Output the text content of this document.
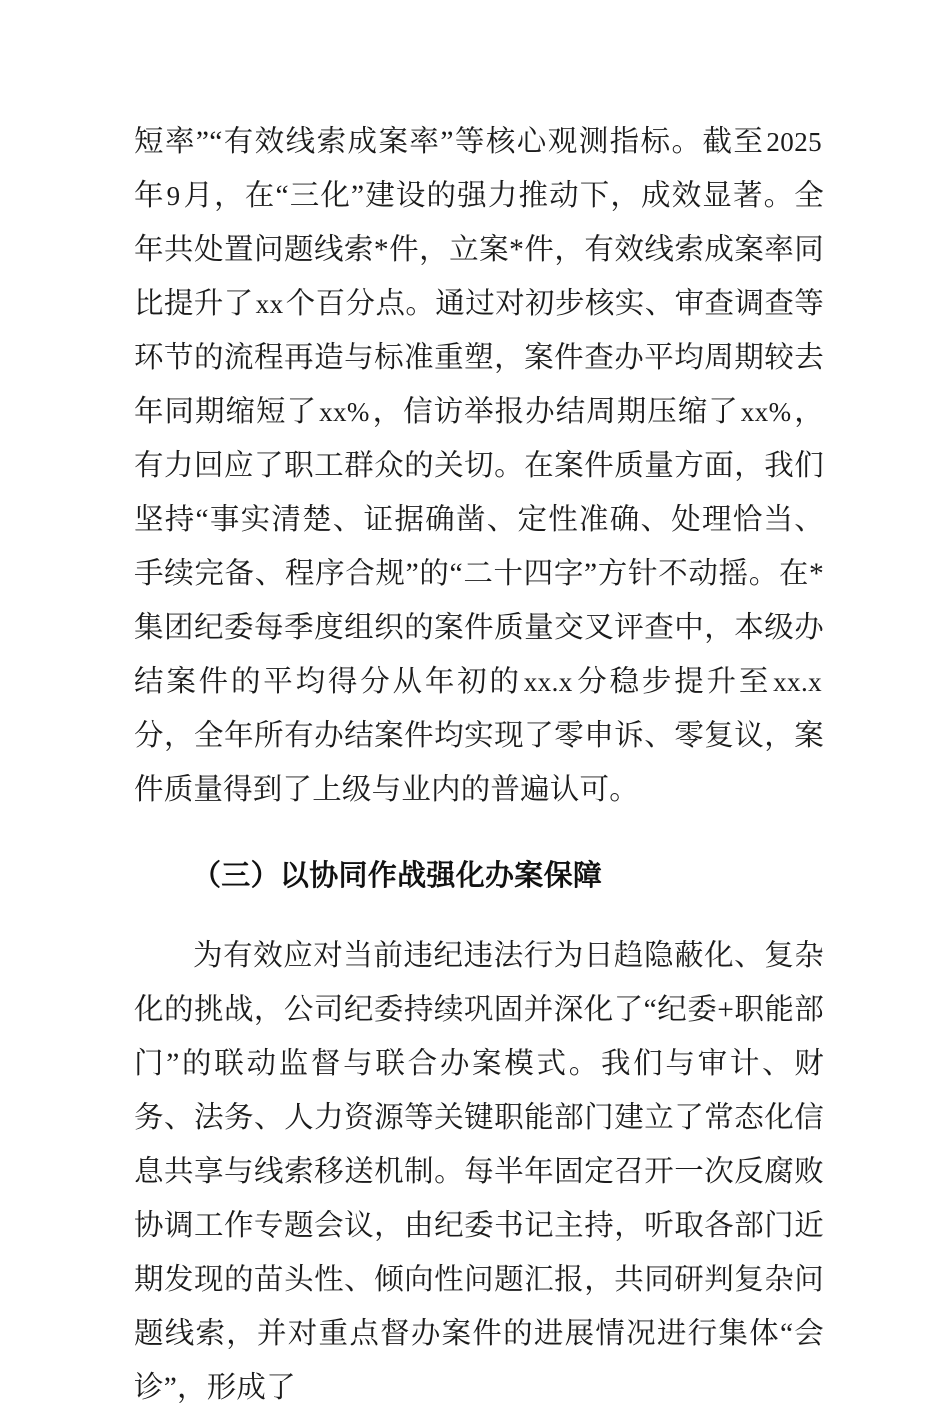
短率”“有效线索成案率”等核心观测指标。截至2025年9月，在“三化”建设的强力推动下，成效显著。全年共处置问题线索*件，立案*件，有效线索成案率同比提升了xx个百分点。通过对初步核实、审查调查等环节的流程再造与标准重塑，案件查办平均周期较去年同期缩短了xx%，信访举报办结周期压缩了xx%，有力回应了职工群众的关切。在案件质量方面，我们坚持“事实清楚、证据确凿、定性准确、处理恰当、手续完备、程序合规”的“二十四字”方针不动摇。在*集团纪委每季度组织的案件质量交叉评查中，本级办结案件的平均得分从年初的xx.x分稳步提升至xx.x分，全年所有办结案件均实现了零申诉、零复议，案件质量得到了上级与业内的普遍认可。

（三）以协同作战强化办案保障

为有效应对当前违纪违法行为日趋隐蔽化、复杂化的挑战，公司纪委持续巩固并深化了“纪委+职能部门”的联动监督与联合办案模式。我们与审计、财务、法务、人力资源等关键职能部门建立了常态化信息共享与线索移送机制。每半年固定召开一次反腐败协调工作专题会议，由纪委书记主持，听取各部门近期发现的苗头性、倾向性问题汇报，共同研判复杂问题线索，并对重点督办案件的进展情况进行集体“会诊”，形成了
